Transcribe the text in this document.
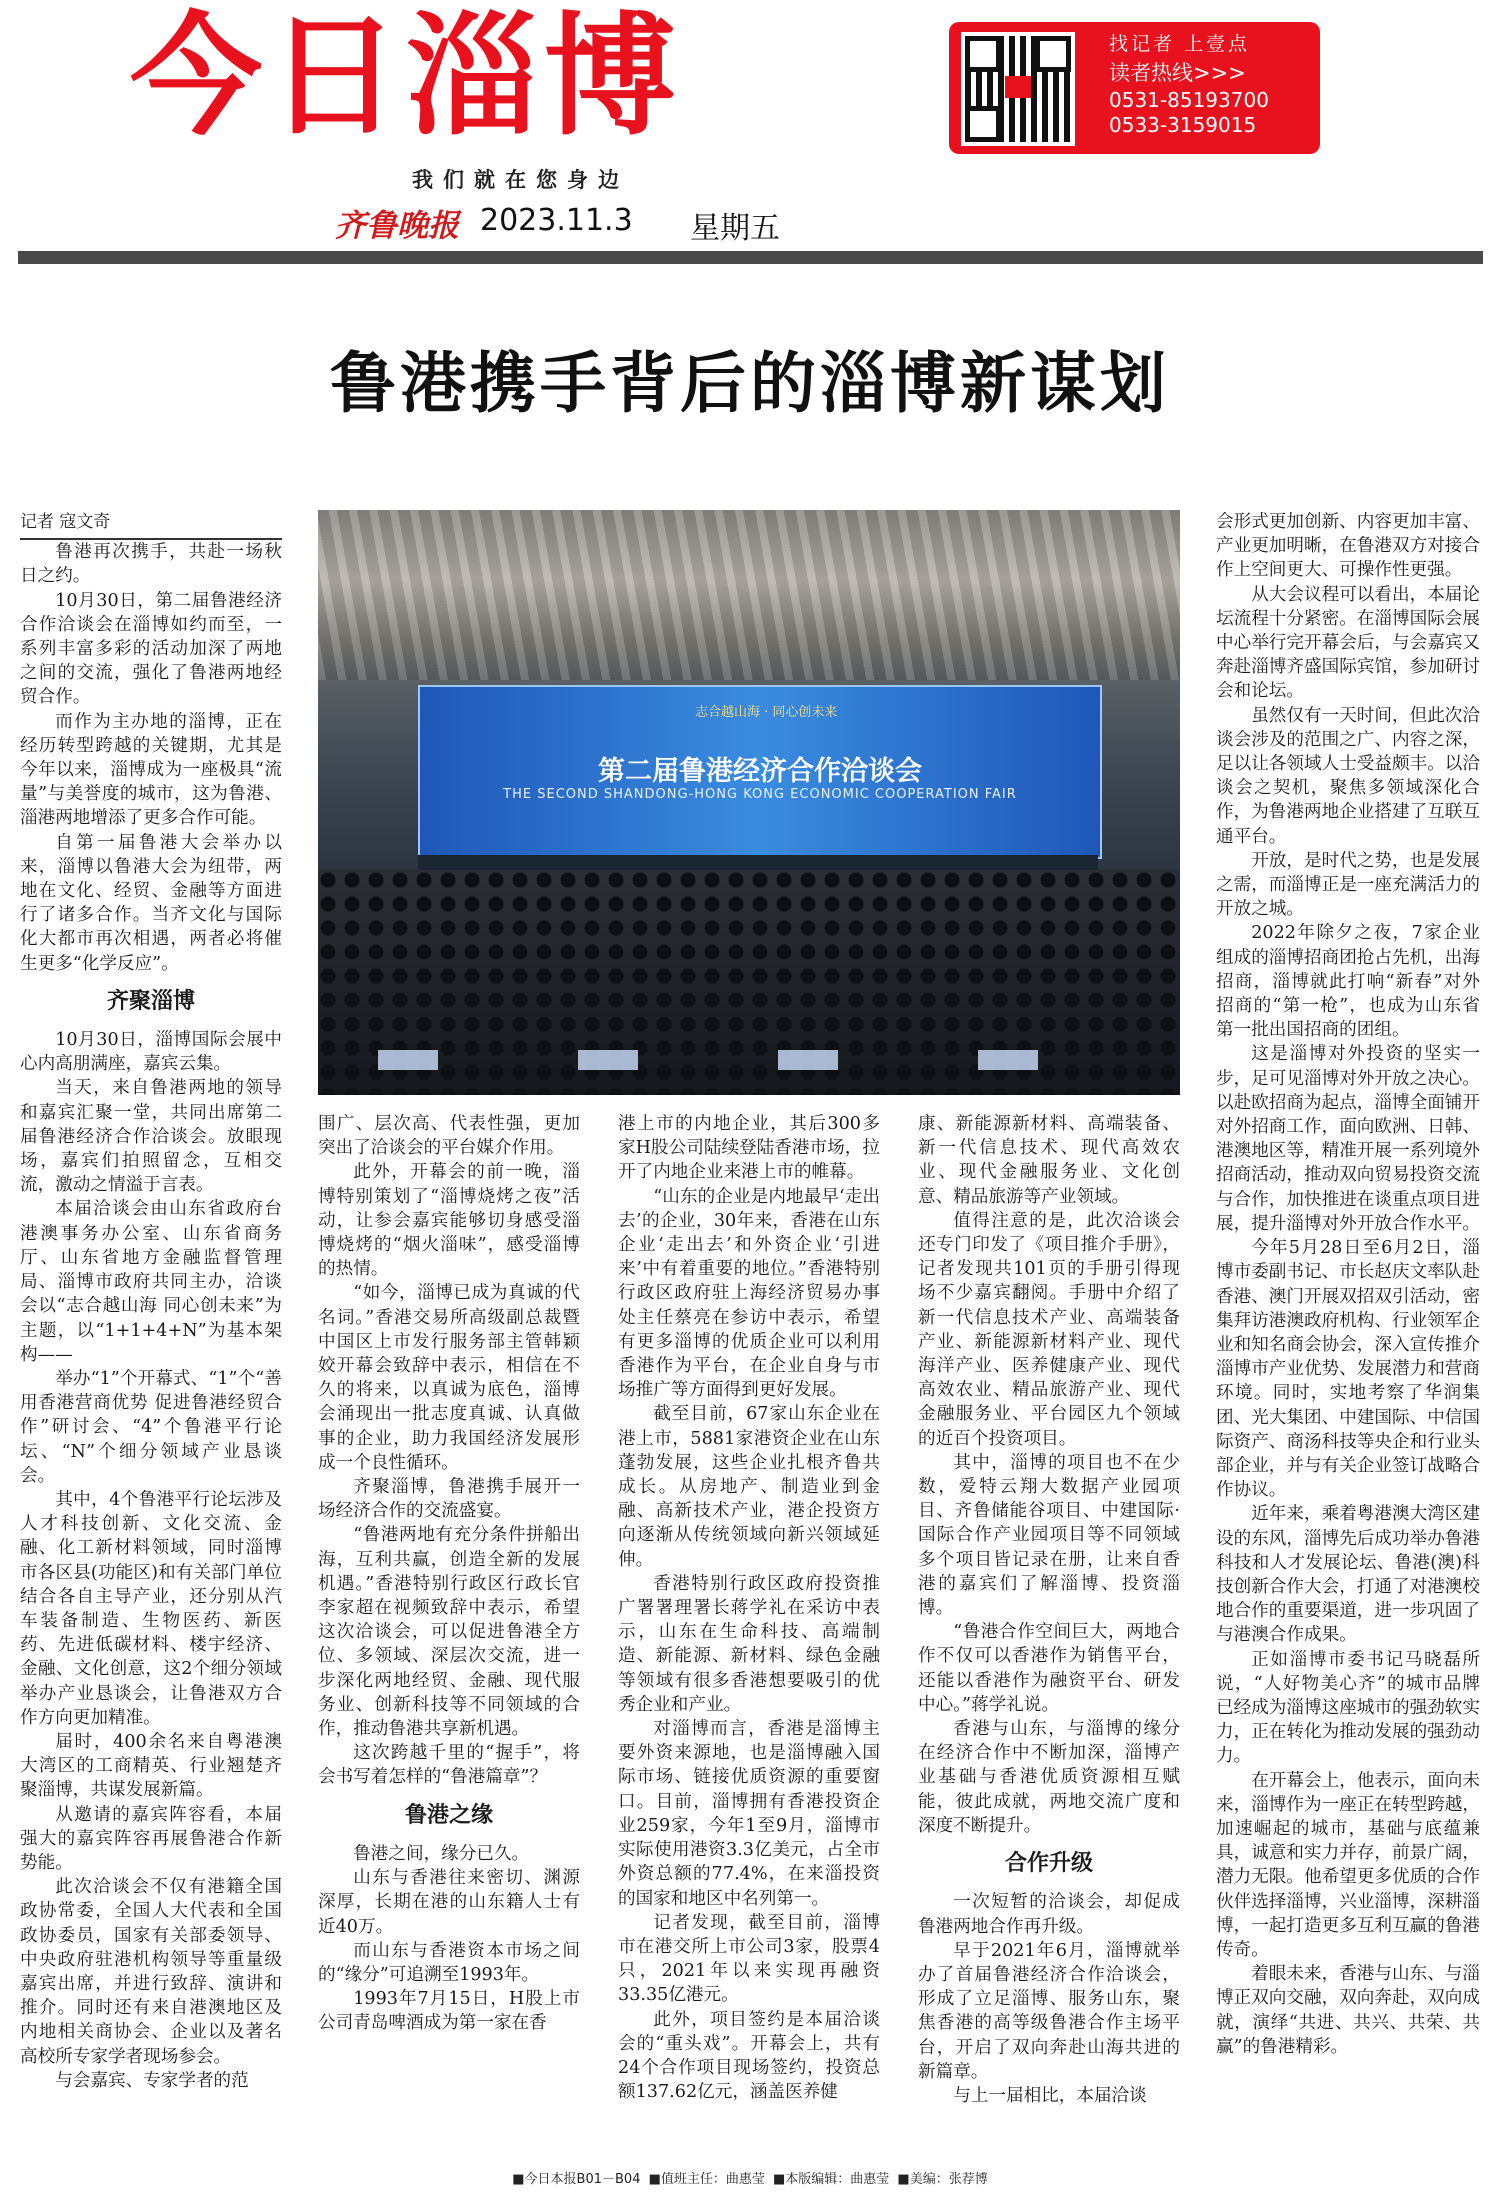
今日淄博
我们就在您身边
齐鲁晚报 2023.11.3 星期五
找记者 上壹点
读者热线>>>
0531-85193700
0533-3159015
鲁港携手背后的淄博新谋划
志合越山海 · 同心创未来
第二届鲁港经济合作洽谈会
THE SECOND SHANDONG-HONG KONG ECONOMIC COOPERATION FAIR

记者 寇文奇

鲁港再次携手，共赴一场秋日之约。

10月30日，第二届鲁港经济合作洽谈会在淄博如约而至，一系列丰富多彩的活动加深了两地之间的交流，强化了鲁港两地经贸合作。

而作为主办地的淄博，正在经历转型跨越的关键期，尤其是今年以来，淄博成为一座极具“流量”与美誉度的城市，这为鲁港、淄港两地增添了更多合作可能。

自第一届鲁港大会举办以来，淄博以鲁港大会为纽带，两地在文化、经贸、金融等方面进行了诸多合作。当齐文化与国际化大都市再次相遇，两者必将催生更多“化学反应”。

齐聚淄博

10月30日，淄博国际会展中心内高朋满座，嘉宾云集。

当天，来自鲁港两地的领导和嘉宾汇聚一堂，共同出席第二届鲁港经济合作洽谈会。放眼现场，嘉宾们拍照留念，互相交流，激动之情溢于言表。

本届洽谈会由山东省政府台港澳事务办公室、山东省商务厅、山东省地方金融监督管理局、淄博市政府共同主办，洽谈会以“志合越山海 同心创未来”为主题，以“1+1+4+N”为基本架构——

举办“1”个开幕式、“1”个“善用香港营商优势 促进鲁港经贸合作”研讨会、“4”个鲁港平行论坛、“N”个细分领域产业恳谈会。

其中，4个鲁港平行论坛涉及人才科技创新、文化交流、金融、化工新材料领域，同时淄博市各区县(功能区)和有关部门单位结合各自主导产业，还分别从汽车装备制造、生物医药、新医药、先进低碳材料、楼宇经济、金融、文化创意，这2个细分领域举办产业恳谈会，让鲁港双方合作方向更加精准。

届时，400余名来自粤港澳大湾区的工商精英、行业翘楚齐聚淄博，共谋发展新篇。

从邀请的嘉宾阵容看，本届强大的嘉宾阵容再展鲁港合作新势能。

此次洽谈会不仅有港籍全国政协常委，全国人大代表和全国政协委员，国家有关部委领导、中央政府驻港机构领导等重量级嘉宾出席，并进行致辞、演讲和推介。同时还有来自港澳地区及内地相关商协会、企业以及著名高校所专家学者现场参会。

与会嘉宾、专家学者的范

围广、层次高、代表性强，更加突出了洽谈会的平台媒介作用。

此外，开幕会的前一晚，淄博特别策划了“淄博烧烤之夜”活动，让参会嘉宾能够切身感受淄博烧烤的“烟火淄味”，感受淄博的热情。

“如今，淄博已成为真诚的代名词。”香港交易所高级副总裁暨中国区上市发行服务部主管韩颖姣开幕会致辞中表示，相信在不久的将来，以真诚为底色，淄博会涌现出一批志度真诚、认真做事的企业，助力我国经济发展形成一个良性循环。

齐聚淄博，鲁港携手展开一场经济合作的交流盛宴。

“鲁港两地有充分条件拼船出海，互利共赢，创造全新的发展机遇。”香港特别行政区行政长官李家超在视频致辞中表示，希望这次洽谈会，可以促进鲁港全方位、多领域、深层次交流，进一步深化两地经贸、金融、现代服务业、创新科技等不同领域的合作，推动鲁港共享新机遇。

这次跨越千里的“握手”，将会书写着怎样的“鲁港篇章”？

鲁港之缘

鲁港之间，缘分已久。

山东与香港往来密切、渊源深厚，长期在港的山东籍人士有近40万。

而山东与香港资本市场之间的“缘分”可追溯至1993年。

1993年7月15日，H股上市公司青岛啤酒成为第一家在香

港上市的内地企业，其后300多家H股公司陆续登陆香港市场，拉开了内地企业来港上市的帷幕。

“山东的企业是内地最早‘走出去’的企业，30年来，香港在山东企业‘走出去’和外资企业‘引进来’中有着重要的地位。”香港特别行政区政府驻上海经济贸易办事处主任蔡亮在参访中表示，希望有更多淄博的优质企业可以利用香港作为平台，在企业自身与市场推广等方面得到更好发展。

截至目前，67家山东企业在港上市，5881家港资企业在山东蓬勃发展，这些企业扎根齐鲁共成长。从房地产、制造业到金融、高新技术产业，港企投资方向逐渐从传统领域向新兴领域延伸。

香港特别行政区政府投资推广署署理署长蒋学礼在采访中表示，山东在生命科技、高端制造、新能源、新材料、绿色金融等领域有很多香港想要吸引的优秀企业和产业。

对淄博而言，香港是淄博主要外资来源地，也是淄博融入国际市场、链接优质资源的重要窗口。目前，淄博拥有香港投资企业259家，今年1至9月，淄博市实际使用港资3.3亿美元，占全市外资总额的77.4%，在来淄投资的国家和地区中名列第一。

记者发现，截至目前，淄博市在港交所上市公司3家，股票4只，2021年以来实现再融资33.35亿港元。

此外，项目签约是本届洽谈会的“重头戏”。开幕会上，共有24个合作项目现场签约，投资总额137.62亿元，涵盖医养健

康、新能源新材料、高端装备、新一代信息技术、现代高效农业、现代金融服务业、文化创意、精品旅游等产业领域。

值得注意的是，此次洽谈会还专门印发了《项目推介手册》，记者发现共101页的手册引得现场不少嘉宾翻阅。手册中介绍了新一代信息技术产业、高端装备产业、新能源新材料产业、现代海洋产业、医养健康产业、现代高效农业、精品旅游产业、现代金融服务业、平台园区九个领域的近百个投资项目。

其中，淄博的项目也不在少数，爱特云翔大数据产业园项目、齐鲁储能谷项目、中建国际·国际合作产业园项目等不同领域多个项目皆记录在册，让来自香港的嘉宾们了解淄博、投资淄博。

“鲁港合作空间巨大，两地合作不仅可以香港作为销售平台，还能以香港作为融资平台、研发中心。”蒋学礼说。

香港与山东，与淄博的缘分在经济合作中不断加深，淄博产业基础与香港优质资源相互赋能，彼此成就，两地交流广度和深度不断提升。

合作升级

一次短暂的洽谈会，却促成鲁港两地合作再升级。

早于2021年6月，淄博就举办了首届鲁港经济合作洽谈会，形成了立足淄博、服务山东，聚焦香港的高等级鲁港合作主场平台，开启了双向奔赴山海共进的新篇章。

与上一届相比，本届洽谈

会形式更加创新、内容更加丰富、产业更加明晰，在鲁港双方对接合作上空间更大、可操作性更强。

从大会议程可以看出，本届论坛流程十分紧密。在淄博国际会展中心举行完开幕会后，与会嘉宾又奔赴淄博齐盛国际宾馆，参加研讨会和论坛。

虽然仅有一天时间，但此次洽谈会涉及的范围之广、内容之深，足以让各领域人士受益颇丰。以洽谈会之契机，聚焦多领域深化合作，为鲁港两地企业搭建了互联互通平台。

开放，是时代之势，也是发展之需，而淄博正是一座充满活力的开放之城。

2022年除夕之夜，7家企业组成的淄博招商团抢占先机，出海招商，淄博就此打响“新春”对外招商的“第一枪”，也成为山东省第一批出国招商的团组。

这是淄博对外投资的坚实一步，足可见淄博对外开放之决心。以赴欧招商为起点，淄博全面铺开对外招商工作，面向欧洲、日韩、港澳地区等，精准开展一系列境外招商活动，推动双向贸易投资交流与合作，加快推进在谈重点项目进展，提升淄博对外开放合作水平。

今年5月28日至6月2日，淄博市委副书记、市长赵庆文率队赴香港、澳门开展双招双引活动，密集拜访港澳政府机构、行业领军企业和知名商会协会，深入宣传推介淄博市产业优势、发展潜力和营商环境。同时，实地考察了华润集团、光大集团、中建国际、中信国际资产、商汤科技等央企和行业头部企业，并与有关企业签订战略合作协议。

近年来，乘着粤港澳大湾区建设的东风，淄博先后成功举办鲁港科技和人才发展论坛、鲁港(澳)科技创新合作大会，打通了对港澳校地合作的重要渠道，进一步巩固了与港澳合作成果。

正如淄博市委书记马晓磊所说，“人好物美心齐”的城市品牌已经成为淄博这座城市的强劲软实力，正在转化为推动发展的强劲动力。

在开幕会上，他表示，面向未来，淄博作为一座正在转型跨越，加速崛起的城市，基础与底蕴兼具，诚意和实力并存，前景广阔，潜力无限。他希望更多优质的合作伙伴选择淄博，兴业淄博，深耕淄博，一起打造更多互利互赢的鲁港传奇。

着眼未来，香港与山东、与淄博正双向交融，双向奔赴，双向成就，演绎“共进、共兴、共荣、共赢”的鲁港精彩。

■今日本报B01－B04 ■值班主任：曲惠莹 ■本版编辑：曲惠莹 ■美编：张荐博
